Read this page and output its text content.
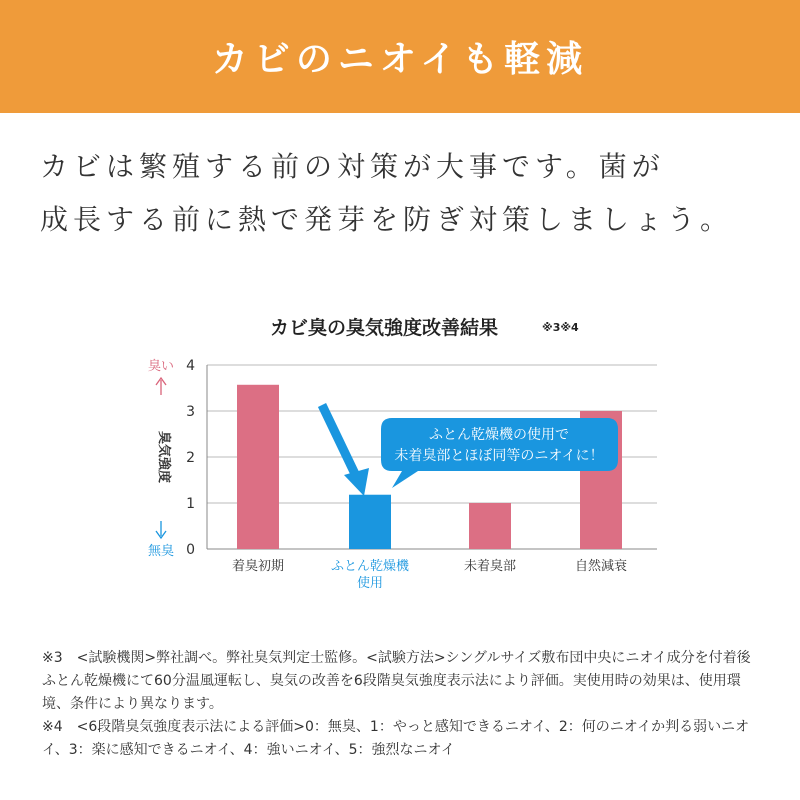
カビのニオイも軽減
カビは繁殖する前の対策が大事です。菌が
成長する前に熱で発芽を防ぎ対策しましょう。
カビ臭の臭気強度改善結果	※3※4
0
1
2
3
4
臭気強度
臭い
無臭
着臭初期	ふとん乾燥機
使用
未着臭部	自然減衰
ふとん乾燥機の使用で
未着臭部とほぼ同等のニオイに！
※3　<試験機関>弊社調べ。弊社臭気判定士監修。<試験方法>シングルサイズ敷布団中央にニオイ成分を付着後ふとん乾燥機にて60分温風運転し、臭気の改善を6段階臭気強度表示法により評価。実使用時の効果は、使用環境、条件により異なります。
※4　<6段階臭気強度表示法による評価>0：無臭、1：やっと感知できるニオイ、2：何のニオイか判る弱いニオイ、3：楽に感知できるニオイ、4：強いニオイ、5：強烈なニオイ
